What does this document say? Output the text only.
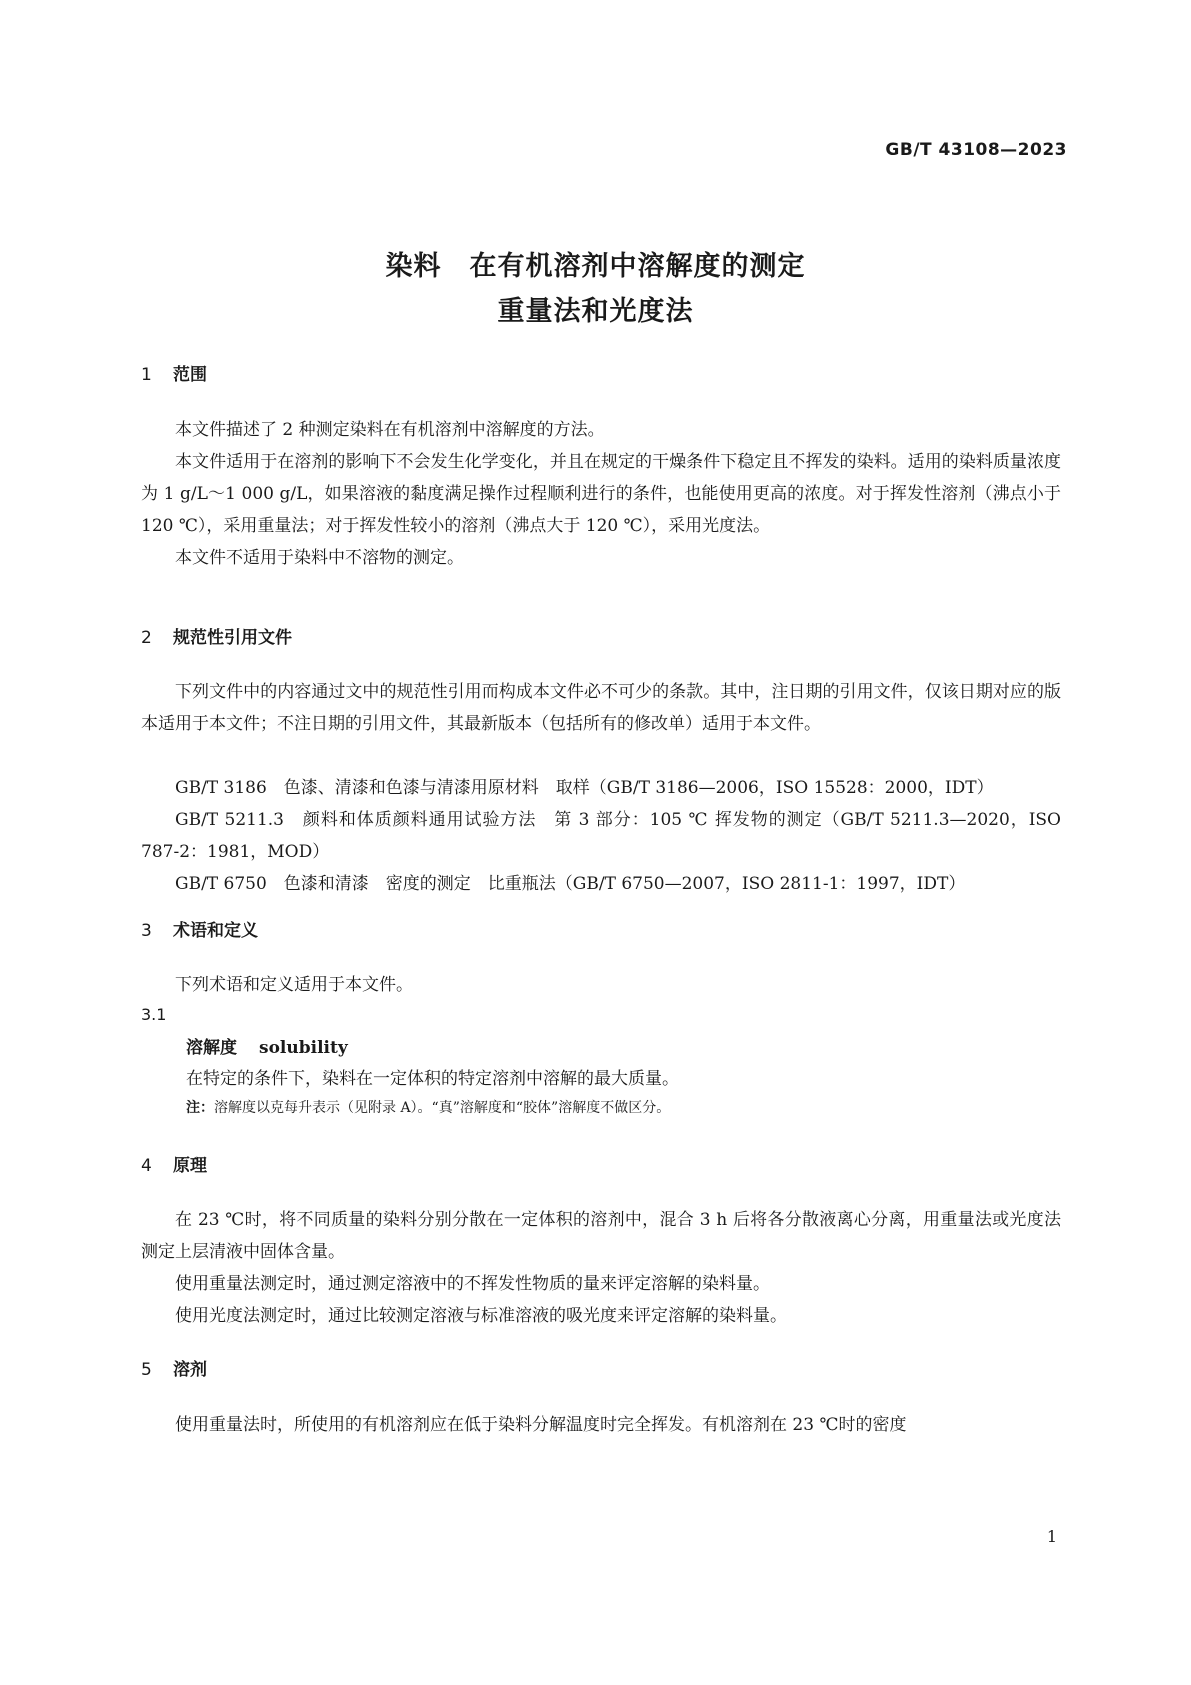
GB/T 43108—2023
染料　在有机溶剂中溶解度的测定
重量法和光度法
1 范围

本文件描述了 2 种测定染料在有机溶剂中溶解度的方法。

本文件适用于在溶剂的影响下不会发生化学变化，并且在规定的干燥条件下稳定且不挥发的染料。适用的染料质量浓度为 1 g/L～1 000 g/L，如果溶液的黏度满足操作过程顺利进行的条件，也能使用更高的浓度。对于挥发性溶剂（沸点小于 120 ℃），采用重量法；对于挥发性较小的溶剂（沸点大于 120 ℃），采用光度法。

本文件不适用于染料中不溶物的测定。

2 规范性引用文件

下列文件中的内容通过文中的规范性引用而构成本文件必不可少的条款。其中，注日期的引用文件，仅该日期对应的版本适用于本文件；不注日期的引用文件，其最新版本（包括所有的修改单）适用于本文件。

GB/T 3186　色漆、清漆和色漆与清漆用原材料　取样（GB/T 3186—2006，ISO 15528：2000，IDT）
GB/T 5211.3　颜料和体质颜料通用试验方法　第 3 部分：105 ℃ 挥发物的测定（GB/T 5211.3—2020，ISO 787-2：1981，MOD）
GB/T 6750　色漆和清漆　密度的测定　比重瓶法（GB/T 6750—2007，ISO 2811-1：1997，IDT）
3 术语和定义

下列术语和定义适用于本文件。

3.1
溶解度 solubility
在特定的条件下，染料在一定体积的特定溶剂中溶解的最大质量。
注：溶解度以克每升表示（见附录 A）。“真”溶解度和“胶体”溶解度不做区分。
4 原理

在 23 ℃时，将不同质量的染料分别分散在一定体积的溶剂中，混合 3 h 后将各分散液离心分离，用重量法或光度法测定上层清液中固体含量。

使用重量法测定时，通过测定溶液中的不挥发性物质的量来评定溶解的染料量。

使用光度法测定时，通过比较测定溶液与标准溶液的吸光度来评定溶解的染料量。

5 溶剂

使用重量法时，所使用的有机溶剂应在低于染料分解温度时完全挥发。有机溶剂在 23 ℃时的密度

1
